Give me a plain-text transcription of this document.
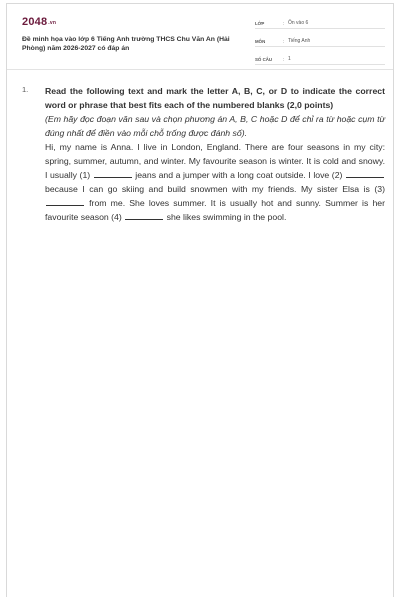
2048.vn
Đề minh họa vào lớp 6 Tiếng Anh trường THCS Chu Văn An (Hải Phòng) năm 2026-2027 có đáp án
LỚP	: Ôn vào 6
MÔN	: Tiếng Anh
SỐ CÂU	: 1
1. Read the following text and mark the letter A, B, C, or D to indicate the correct word or phrase that best fits each of the numbered blanks (2,0 points)

(Em hãy đọc đoạn văn sau và chọn phương án A, B, C hoặc D để chỉ ra từ hoặc cụm từ đúng nhất để điền vào mỗi chỗ trống được đánh số).

Hi, my name is Anna. I live in London, England. There are four seasons in my city: spring, summer, autumn, and winter. My favourite season is winter. It is cold and snowy. I usually (1)	jeans and a jumper with a long coat outside. I love (2)  because I can go skiing and build snowmen with my friends. My sister Elsa is (3)  from me. She loves summer. It is usually hot and sunny. Summer is her favourite season (4)	she likes swimming in the pool.
